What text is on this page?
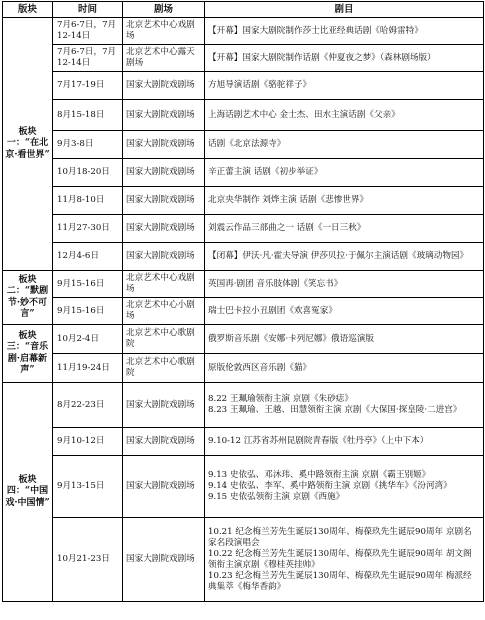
版块	时间	剧场	剧目
板块一：“在北京·看世界”	7月6-7日，7月12-14日	北京艺术中心戏剧场	【开幕】国家大剧院制作莎士比亚经典话剧《哈姆雷特》
	7月6-7日，7月12-14日	北京艺术中心露天剧场	【开幕】国家大剧院制作话剧《仲夏夜之梦》（森林剧场版）
	7月17-19日	国家大剧院戏剧场	方旭导演话剧《骆驼祥子》
	8月15-18日	国家大剧院戏剧场	上海话剧艺术中心 金士杰、田水主演话剧《父亲》
	9月3-8日	国家大剧院戏剧场	话剧《北京法源寺》
	10月18-20日	国家大剧院戏剧场	辛正蕾主演 话剧《初步举证》
	11月8-10日	国家大剧院戏剧场	北京央华制作 刘烨主演 话剧《悲惨世界》
	11月27-30日	国家大剧院戏剧场	刘震云作品三部曲之一 话剧《一日三秋》
	12月4-6日	国家大剧院戏剧场	【闭幕】伊沃·凡·霍夫导演 伊莎贝拉·于佩尔主演话剧《玻璃动物园》
板块二：“默剧节·妙不可言”	9月15-16日	北京艺术中心戏剧场	英国再·剧团 音乐肢体剧《笑忘书》
	9月15-16日	北京艺术中心小剧场	瑞士巴卡拉小丑剧团《欢喜冤家》
板块三：“音乐剧·启幕新声”	10月2-4日	北京艺术中心歌剧院	俄罗斯音乐剧《安娜·卡列尼娜》俄语巡演版
	11月19-24日	北京艺术中心歌剧院	原版伦敦西区音乐剧《猫》
板块四：“中国戏·中国情”	8月22-23日	国家大剧院戏剧场	8.22 王珮瑜领衔主演 京剧《朱砂痣》
8.23 王珮瑜、王越、田慧领衔主演 京剧《大保国·探皇陵·二进宫》

	9月10-12日	国家大剧院戏剧场	9.10-12 江苏省苏州昆剧院青春版《牡丹亭》（上中下本）

	9月13-15日	国家大剧院戏剧场	9.13 史依弘、邓沐玮、奚中路领衔主演 京剧《霸王别姬》
9.14 史依弘、李军、奚中路领衔主演 京剧《挑华车》《汾河湾》
9.15 史依弘领衔主演 京剧《西施》

	10月21-23日	国家大剧院戏剧场	10.21 纪念梅兰芳先生诞辰130周年、梅葆玖先生诞辰90周年 京剧名家名段演唱会
10.22 纪念梅兰芳先生诞辰130周年、梅葆玖先生诞辰90周年 胡文阁领衔主演京剧《穆桂英挂帅》
10.23 纪念梅兰芳先生诞辰130周年、梅葆玖先生诞辰90周年 梅派经典集萃《梅华香韵》
